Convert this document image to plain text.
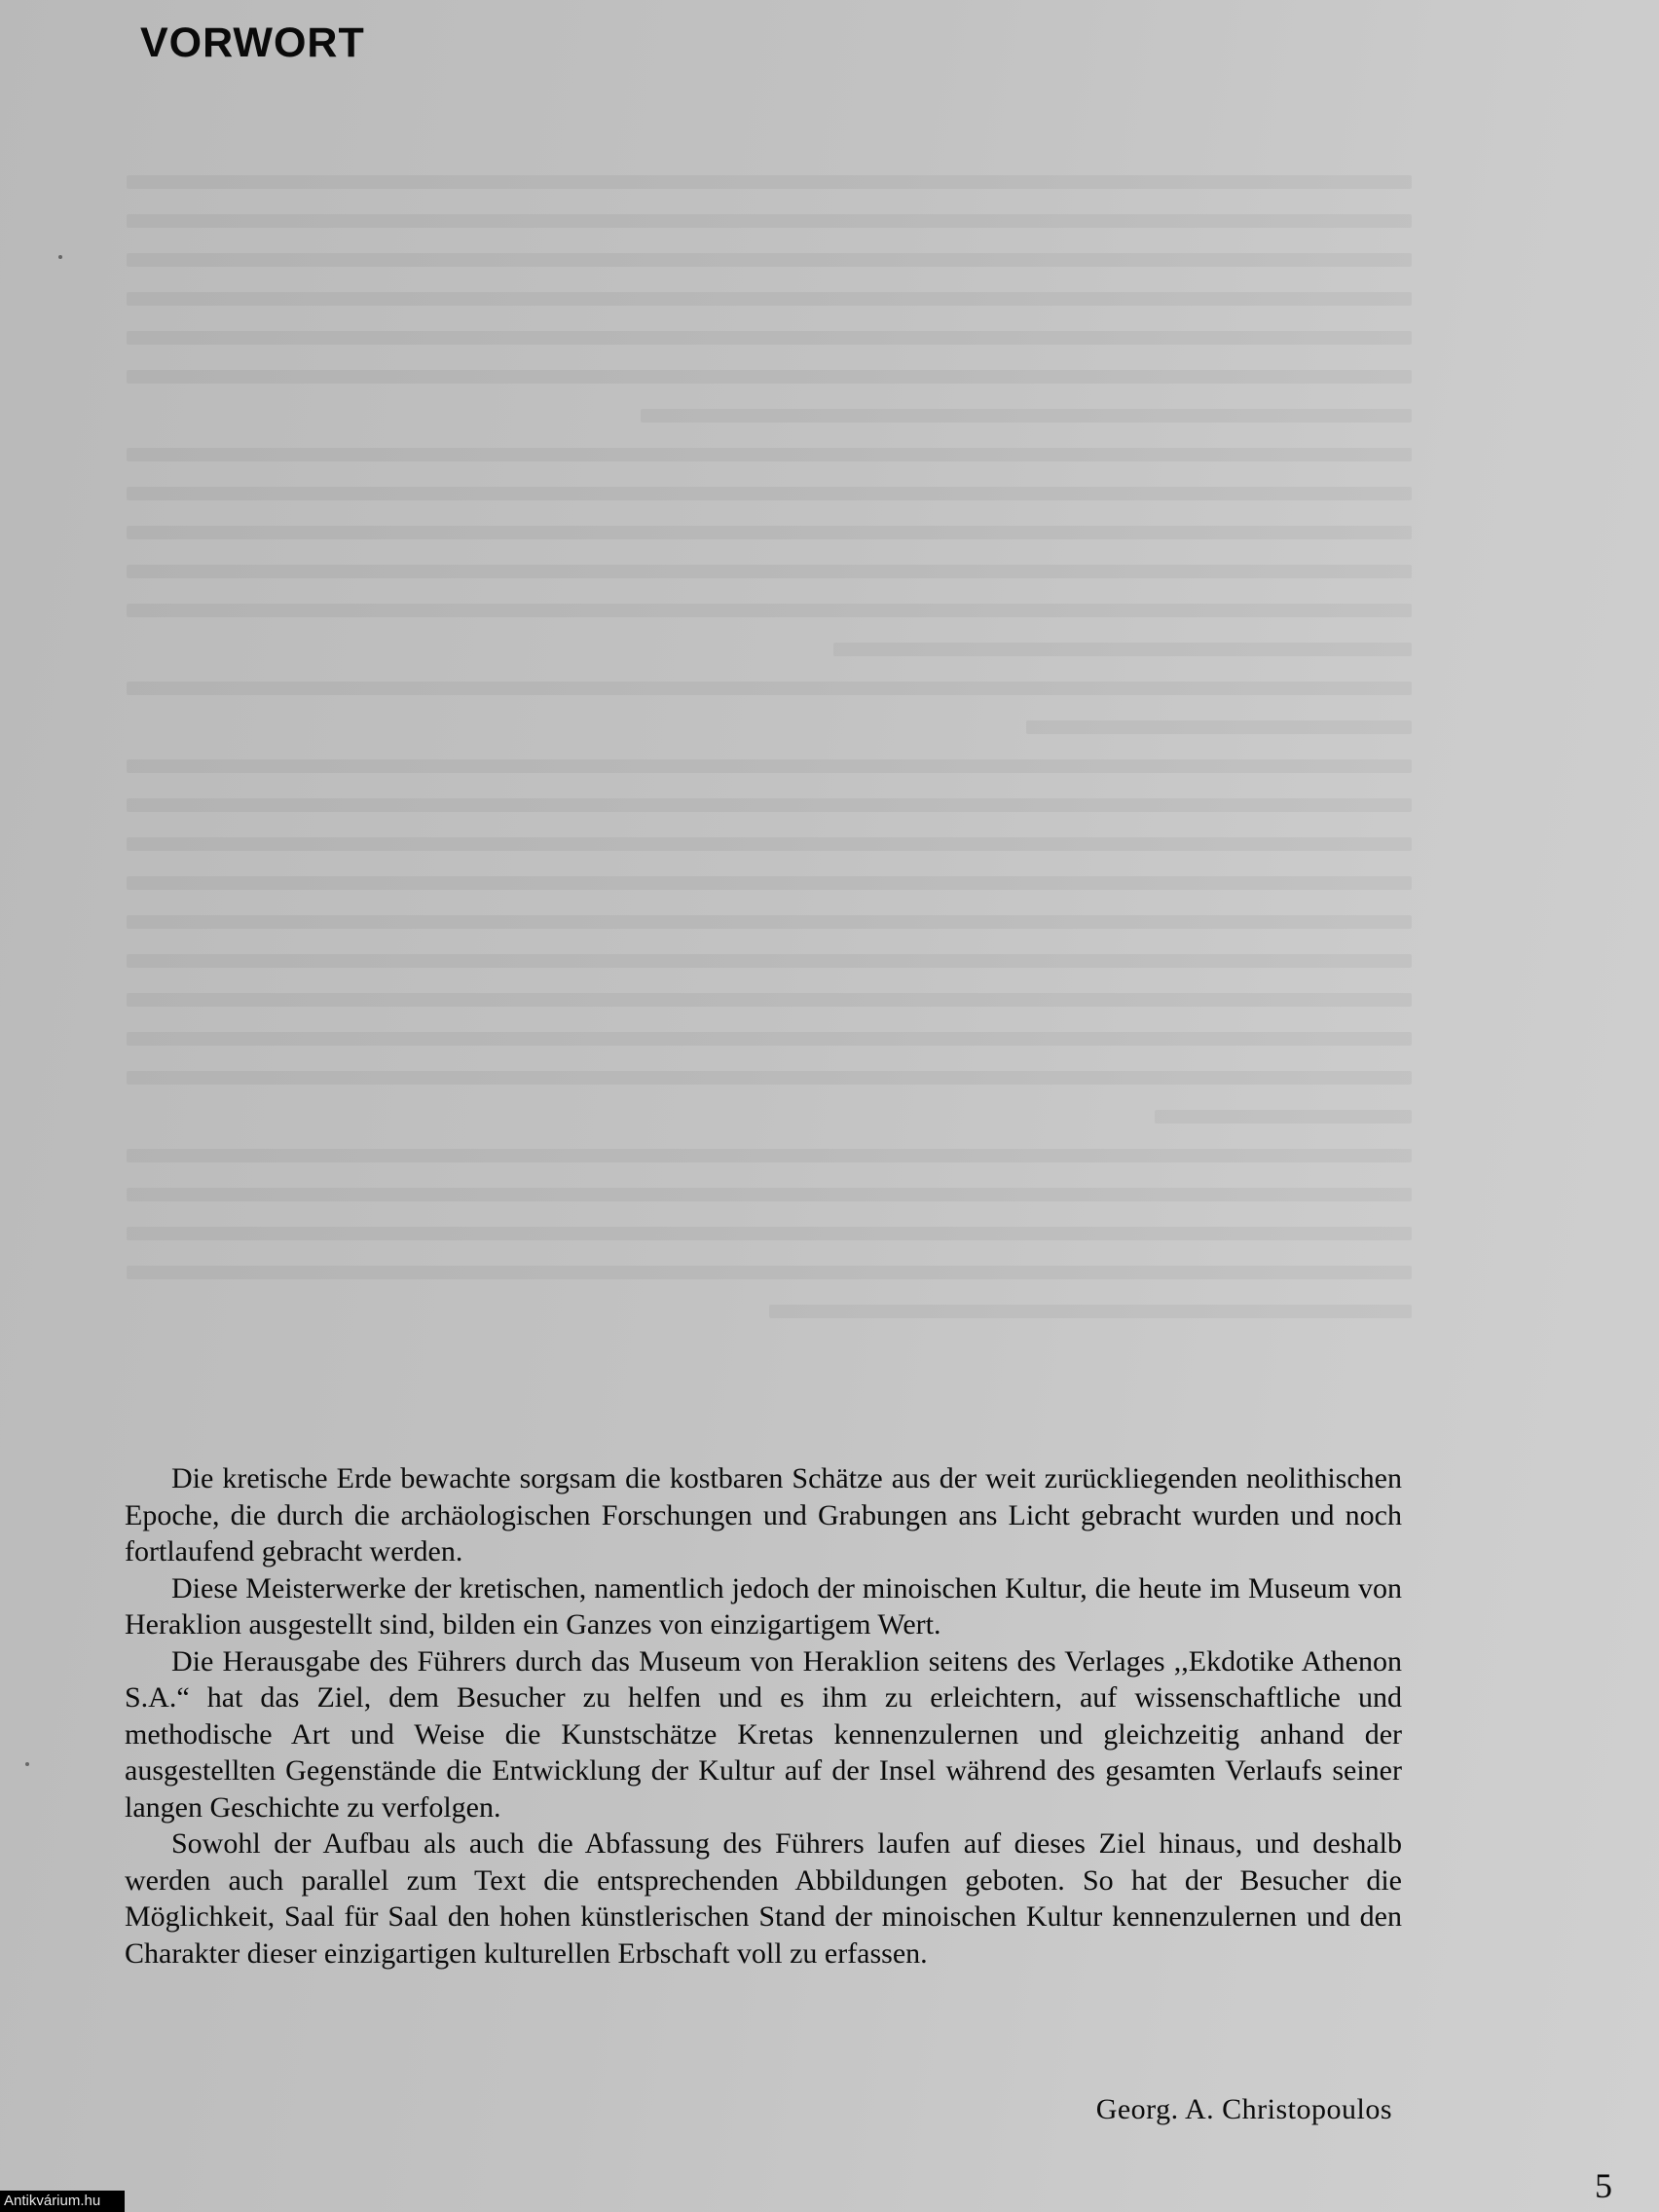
VORWORT

Die kretische Erde bewachte sorgsam die kostbaren Schätze aus der weit zurückliegenden neolithischen Epoche, die durch die archäologischen Forschungen und Grabungen ans Licht gebracht wurden und noch fortlaufend gebracht werden.

Diese Meisterwerke der kretischen, namentlich jedoch der minoischen Kultur, die heute im Museum von Heraklion ausgestellt sind, bilden ein Ganzes von einzigartigem Wert.

Die Herausgabe des Führers durch das Museum von Heraklion seitens des Verlages ,,Ekdotike Athenon S.A.“ hat das Ziel, dem Besucher zu helfen und es ihm zu erleichtern, auf wissenschaftliche und methodische Art und Weise die Kunstschätze Kretas kennenzulernen und gleichzeitig anhand der ausgestellten Gegenstände die Entwicklung der Kultur auf der Insel während des gesamten Verlaufs seiner langen Geschichte zu verfolgen.

Sowohl der Aufbau als auch die Abfassung des Führers laufen auf dieses Ziel hinaus, und deshalb werden auch parallel zum Text die entsprechenden Abbildungen geboten. So hat der Besucher die Möglichkeit, Saal für Saal den hohen künstlerischen Stand der minoischen Kultur kennenzulernen und den Charakter dieser einzigartigen kulturellen Erbschaft voll zu erfassen.

Georg. A. Christopoulos
5
Antikvárium.hu
